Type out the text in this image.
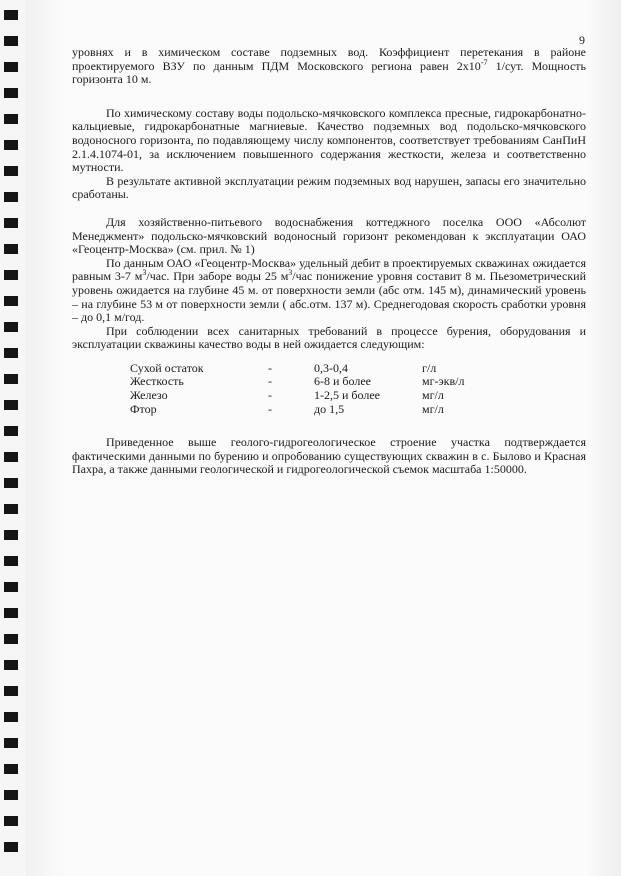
9

уровнях и в химическом составе подземных вод. Коэффициент перетекания в районе проектируемого ВЗУ по данным ПДМ Московского региона равен $2х10^{-7}$ 1/сут. Мощность горизонта 10 м.

По химическому составу воды подольско-мячковского комплекса пресные, гидрокарбонатно-кальциевые, гидрокарбонатные магниевые. Качество подземных вод подольско-мячковского водоносного горизонта, по подавляющему числу компонентов, соответствует требованиям СанПиН 2.1.4.1074-01, за исключением повышенного содержания жесткости, железа и соответственно мутности.

В результате активной эксплуатации режим подземных вод нарушен, запасы его значительно сработаны.

Для хозяйственно-питьевого водоснабжения коттеджного поселка ООО «Абсолют Менеджмент» подольско-мячковский водоносный горизонт рекомендован к эксплуатации ОАО «Геоцентр-Москва» (см. прил. № 1)

По данным ОАО «Геоцентр-Москва» удельный дебит в проектируемых скважинах ожидается равным 3-7 $м^3$/час. При заборе воды 25 $м^3$/час понижение уровня составит 8 м. Пьезометрический уровень ожидается на глубине 45 м. от поверхности земли (абс отм. 145 м), динамический уровень – на глубине 53 м от поверхности земли ( абс.отм. 137 м). Среднегодовая скорость сработки уровня – до 0,1 м/год.

При соблюдении всех санитарных требований в процессе бурения, оборудования и эксплуатации скважины качество воды в ней ожидается следующим:

Сухой остаток	-	0,3-0,4	г/л
Жесткость	-	6-8 и более	мг-экв/л
Железо	-	1-2,5 и более	мг/л
Фтор	-	до 1,5	мг/л

Приведенное выше геолого-гидрогеологическое строение участка подтверждается фактическими данными по бурению и опробованию существующих скважин в с. Былово и Красная Пахра, а также данными геологической и гидрогеологической съемок масштаба 1:50000.
